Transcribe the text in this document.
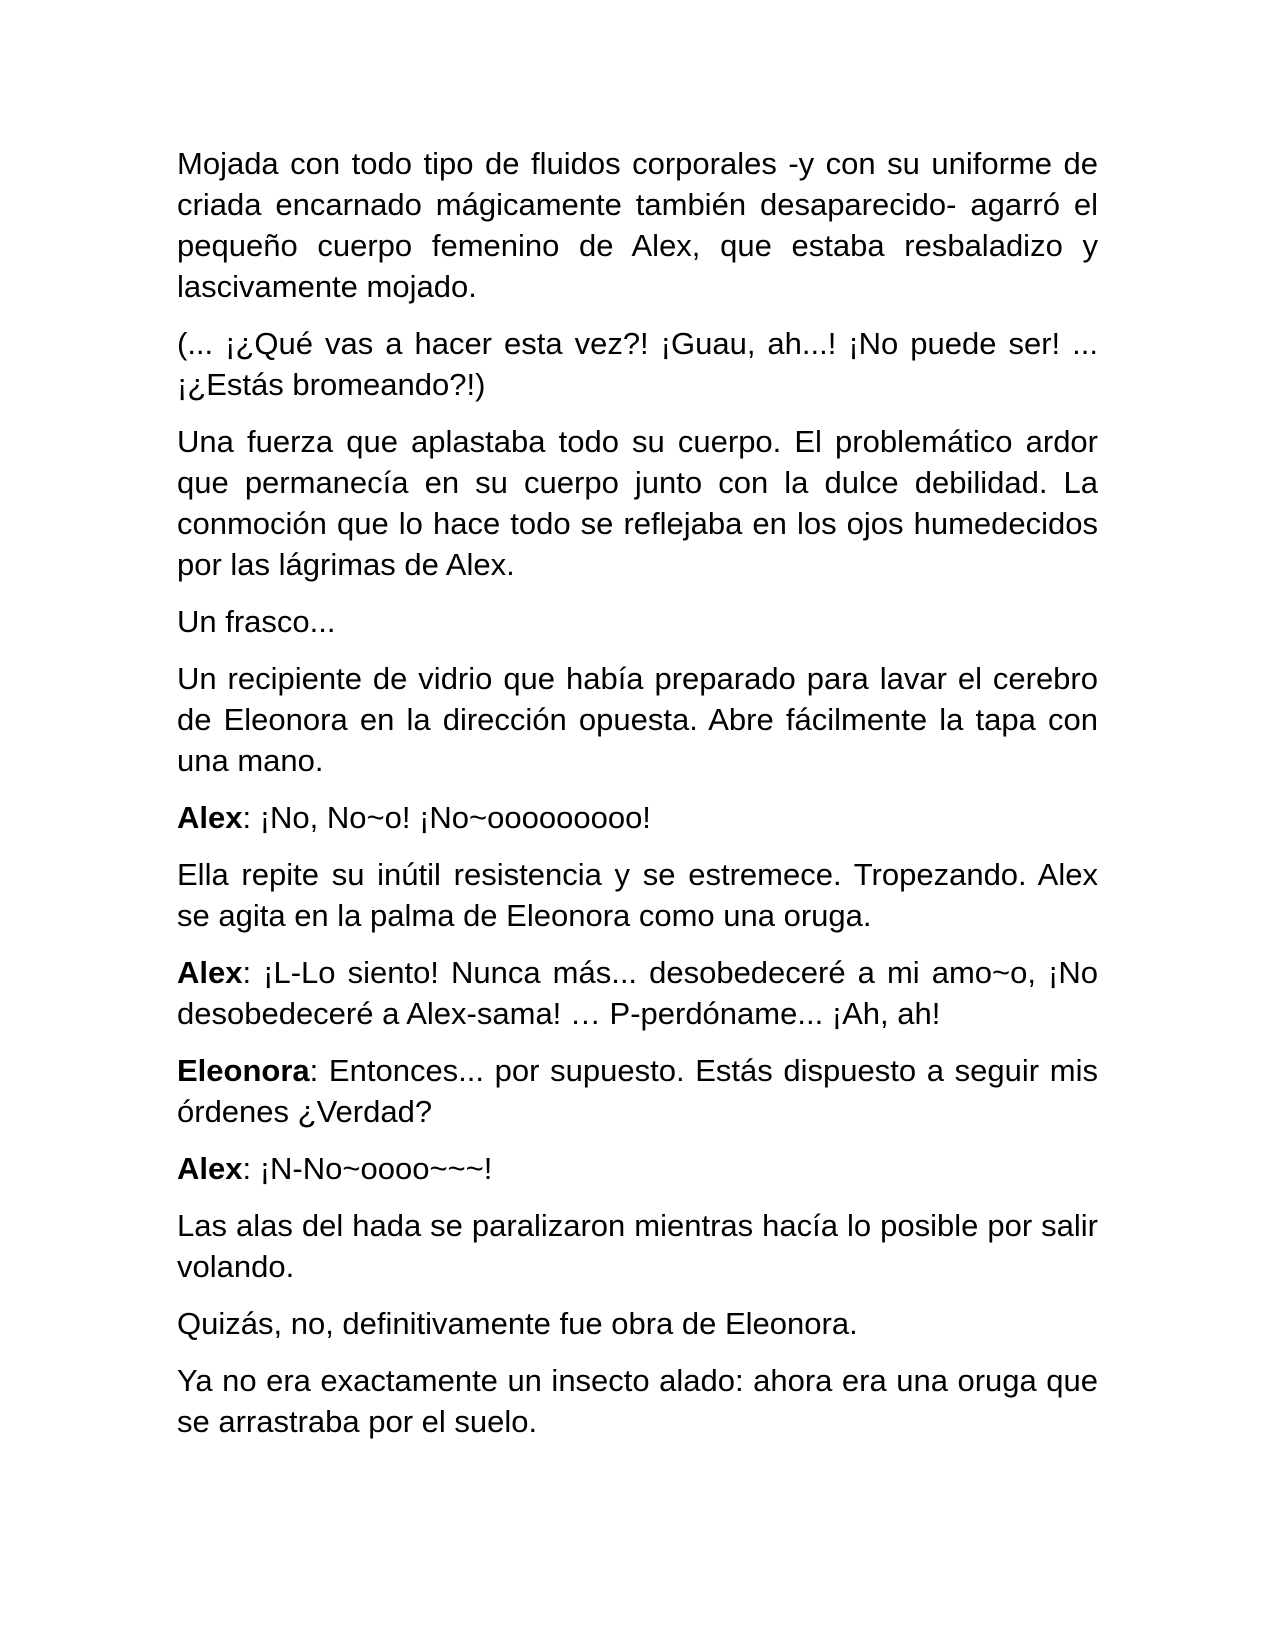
Mojada con todo tipo de fluidos corporales -y con su uniforme de criada encarnado mágicamente también desaparecido- agarró el pequeño cuerpo femenino de Alex, que estaba resbaladizo y lascivamente mojado.

(... ¡¿Qué vas a hacer esta vez?! ¡Guau, ah...! ¡No puede ser! ... ¡¿Estás bromeando?!)

Una fuerza que aplastaba todo su cuerpo. El problemático ardor que permanecía en su cuerpo junto con la dulce debilidad. La conmoción que lo hace todo se reflejaba en los ojos humedecidos por las lágrimas de Alex.

Un frasco...

Un recipiente de vidrio que había preparado para lavar el cerebro de Eleonora en la dirección opuesta. Abre fácilmente la tapa con una mano.

Alex: ¡No, No~o! ¡No~ooooooooo!

Ella repite su inútil resistencia y se estremece. Tropezando. Alex se agita en la palma de Eleonora como una oruga.

Alex: ¡L-Lo siento! Nunca más... desobedeceré a mi amo~o, ¡No desobedeceré a Alex-sama! … P-perdóname... ¡Ah, ah!

Eleonora: Entonces... por supuesto. Estás dispuesto a seguir mis órdenes ¿Verdad?

Alex: ¡N-No~oooo~~~!

Las alas del hada se paralizaron mientras hacía lo posible por salir volando.

Quizás, no, definitivamente fue obra de Eleonora.

Ya no era exactamente un insecto alado: ahora era una oruga que se arrastraba por el suelo.
